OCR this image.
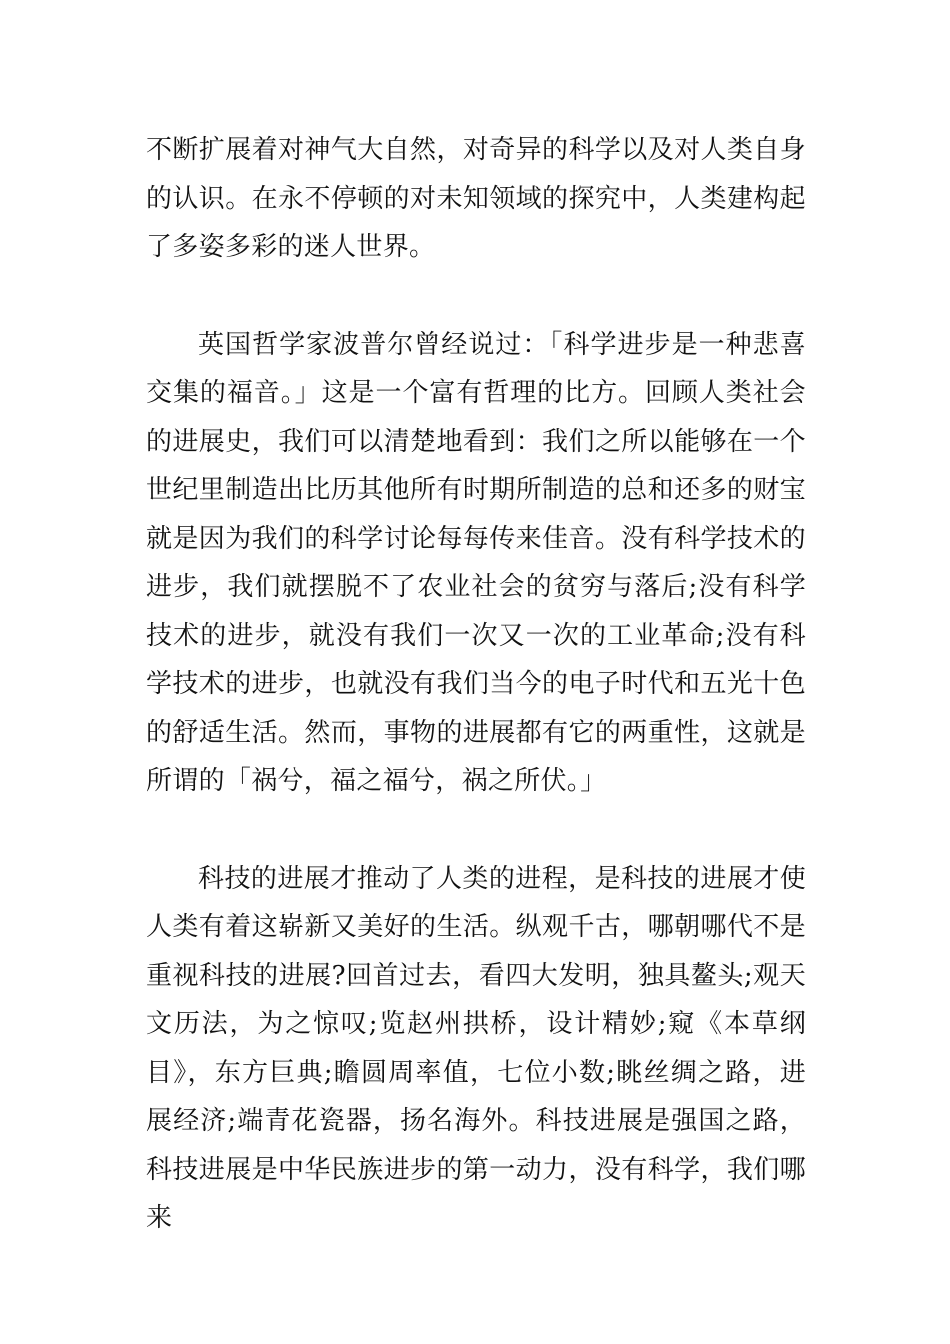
不断扩展着对神气大自然，对奇异的科学以及对人类自身的认识。在永不停顿的对未知领域的探究中，人类建构起了多姿多彩的迷人世界。

英国哲学家波普尔曾经说过：「科学进步是一种悲喜交集的福音。」这是一个富有哲理的比方。回顾人类社会的进展史，我们可以清楚地看到：我们之所以能够在一个世纪里制造出比历其他所有时期所制造的总和还多的财宝就是因为我们的科学讨论每每传来佳音。没有科学技术的进步，我们就摆脱不了农业社会的贫穷与落后;没有科学技术的进步，就没有我们一次又一次的工业革命;没有科学技术的进步，也就没有我们当今的电子时代和五光十色的舒适生活。然而，事物的进展都有它的两重性，这就是所谓的「祸兮，福之福兮，祸之所伏。」

科技的进展才推动了人类的进程，是科技的进展才使人类有着这崭新又美好的生活。纵观千古，哪朝哪代不是重视科技的进展?回首过去，看四大发明，独具鳌头;观天文历法，为之惊叹;览赵州拱桥，设计精妙;窥《本草纲目》，东方巨典;瞻圆周率值，七位小数;眺丝绸之路，进展经济;端青花瓷器，扬名海外。科技进展是强国之路，科技进展是中华民族进步的第一动力，没有科学，我们哪来
